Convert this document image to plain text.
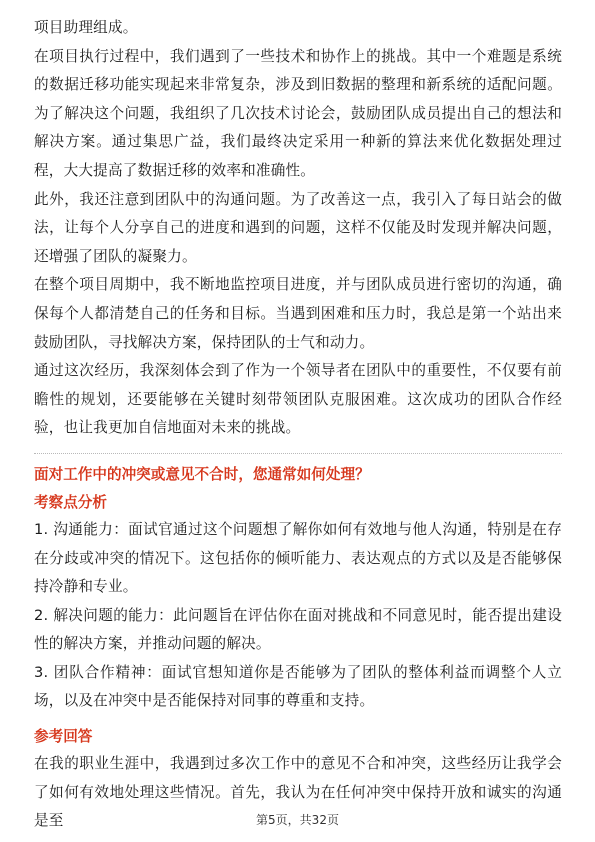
项目助理组成。

在项目执行过程中，我们遇到了一些技术和协作上的挑战。其中一个难题是系统的数据迁移功能实现起来非常复杂，涉及到旧数据的整理和新系统的适配问题。为了解决这个问题，我组织了几次技术讨论会，鼓励团队成员提出自己的想法和解决方案。通过集思广益，我们最终决定采用一种新的算法来优化数据处理过程，大大提高了数据迁移的效率和准确性。

此外，我还注意到团队中的沟通问题。为了改善这一点，我引入了每日站会的做法，让每个人分享自己的进度和遇到的问题，这样不仅能及时发现并解决问题，还增强了团队的凝聚力。

在整个项目周期中，我不断地监控项目进度，并与团队成员进行密切的沟通，确保每个人都清楚自己的任务和目标。当遇到困难和压力时，我总是第一个站出来鼓励团队，寻找解决方案，保持团队的士气和动力。

通过这次经历，我深刻体会到了作为一个领导者在团队中的重要性，不仅要有前瞻性的规划，还要能够在关键时刻带领团队克服困难。这次成功的团队合作经验，也让我更加自信地面对未来的挑战。

面对工作中的冲突或意见不合时，您通常如何处理？

考察点分析

1. 沟通能力：面试官通过这个问题想了解你如何有效地与他人沟通，特别是在存在分歧或冲突的情况下。这包括你的倾听能力、表达观点的方式以及是否能够保持冷静和专业。

2. 解决问题的能力：此问题旨在评估你在面对挑战和不同意见时，能否提出建设性的解决方案，并推动问题的解决。

3. 团队合作精神：面试官想知道你是否能够为了团队的整体利益而调整个人立场，以及在冲突中是否能保持对同事的尊重和支持。

参考回答

在我的职业生涯中，我遇到过多次工作中的意见不合和冲突，这些经历让我学会了如何有效地处理这些情况。首先，我认为在任何冲突中保持开放和诚实的沟通是至	第5页，共32页
